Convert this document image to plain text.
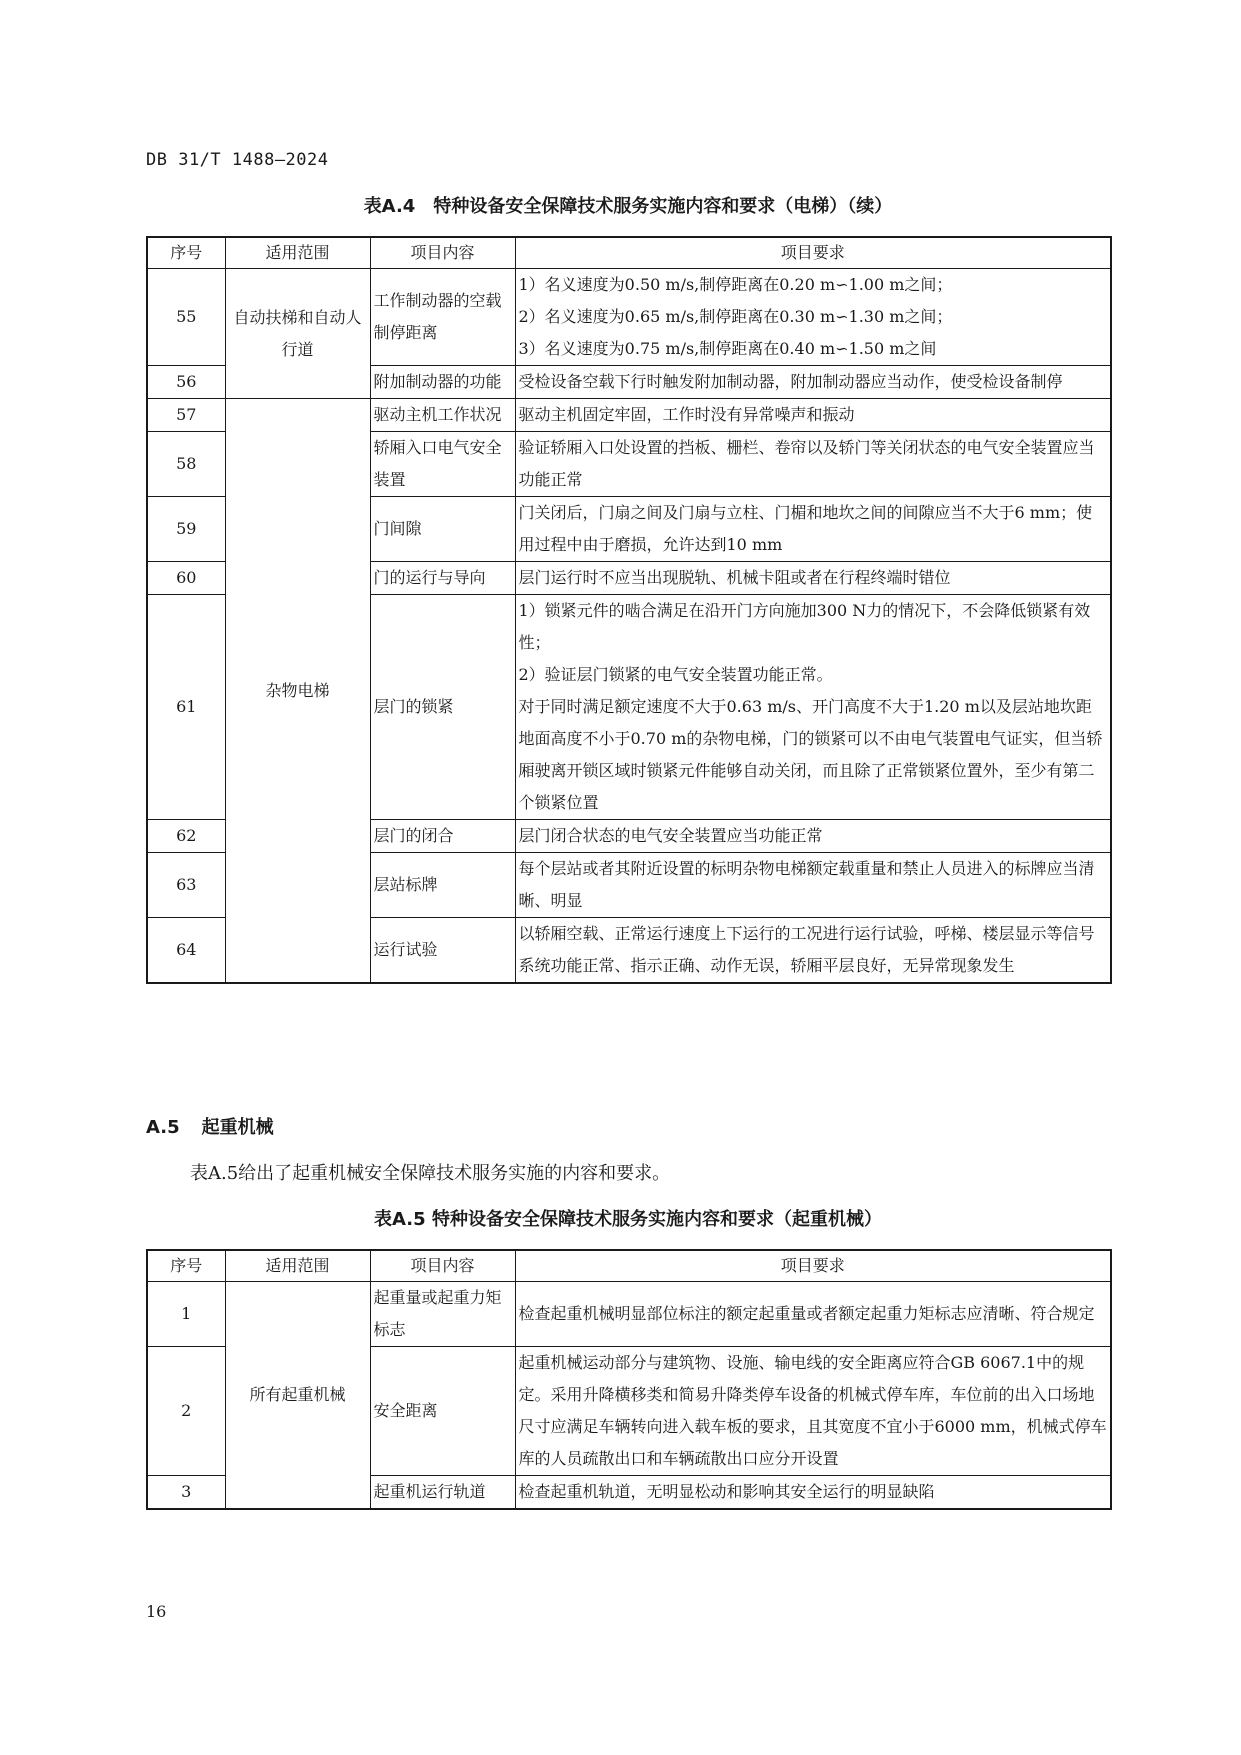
DB 31/T 1488—2024
表A.4　特种设备安全保障技术服务实施内容和要求（电梯）（续）
序号	适用范围	项目内容	项目要求
55	自动扶梯和自动人行道	工作制动器的空载制停距离	1）名义速度为0.50 m/s,制停距离在0.20 m∽1.00 m之间；
2）名义速度为0.65 m/s,制停距离在0.30 m∽1.30 m之间；
3）名义速度为0.75 m/s,制停距离在0.40 m∽1.50 m之间

56		附加制动器的功能	受检设备空载下行时触发附加制动器，附加制动器应当动作，使受检设备制停
57	杂物电梯	驱动主机工作状况	驱动主机固定牢固，工作时没有异常噪声和振动
58		轿厢入口电气安全装置	验证轿厢入口处设置的挡板、栅栏、卷帘以及轿门等关闭状态的电气安全装置应当功能正常
59		门间隙	门关闭后，门扇之间及门扇与立柱、门楣和地坎之间的间隙应当不大于6 mm；使用过程中由于磨损，允许达到10 mm
60		门的运行与导向	层门运行时不应当出现脱轨、机械卡阻或者在行程终端时错位
61		层门的锁紧	1）锁紧元件的啮合满足在沿开门方向施加300 N力的情况下，不会降低锁紧有效性；
2）验证层门锁紧的电气安全装置功能正常。
对于同时满足额定速度不大于0.63 m/s、开门高度不大于1.20 m以及层站地坎距地面高度不小于0.70 m的杂物电梯，门的锁紧可以不由电气装置电气证实，但当轿厢驶离开锁区域时锁紧元件能够自动关闭，而且除了正常锁紧位置外，至少有第二个锁紧位置

62		层门的闭合	层门闭合状态的电气安全装置应当功能正常
63		层站标牌	每个层站或者其附近设置的标明杂物电梯额定载重量和禁止人员进入的标牌应当清晰、明显
64		运行试验	以轿厢空载、正常运行速度上下运行的工况进行运行试验，呼梯、楼层显示等信号系统功能正常、指示正确、动作无误，轿厢平层良好，无异常现象发生
A.5 起重机械
表A.5给出了起重机械安全保障技术服务实施的内容和要求。
表A.5 特种设备安全保障技术服务实施内容和要求（起重机械）
序号	适用范围	项目内容	项目要求
1	所有起重机械	起重量或起重力矩标志	检查起重机械明显部位标注的额定起重量或者额定起重力矩标志应清晰、符合规定
2		安全距离	起重机械运动部分与建筑物、设施、输电线的安全距离应符合GB 6067.1中的规定。采用升降横移类和简易升降类停车设备的机械式停车库，车位前的出入口场地尺寸应满足车辆转向进入载车板的要求，且其宽度不宜小于6000 mm，机械式停车库的人员疏散出口和车辆疏散出口应分开设置
3		起重机运行轨道	检查起重机轨道，无明显松动和影响其安全运行的明显缺陷
16
